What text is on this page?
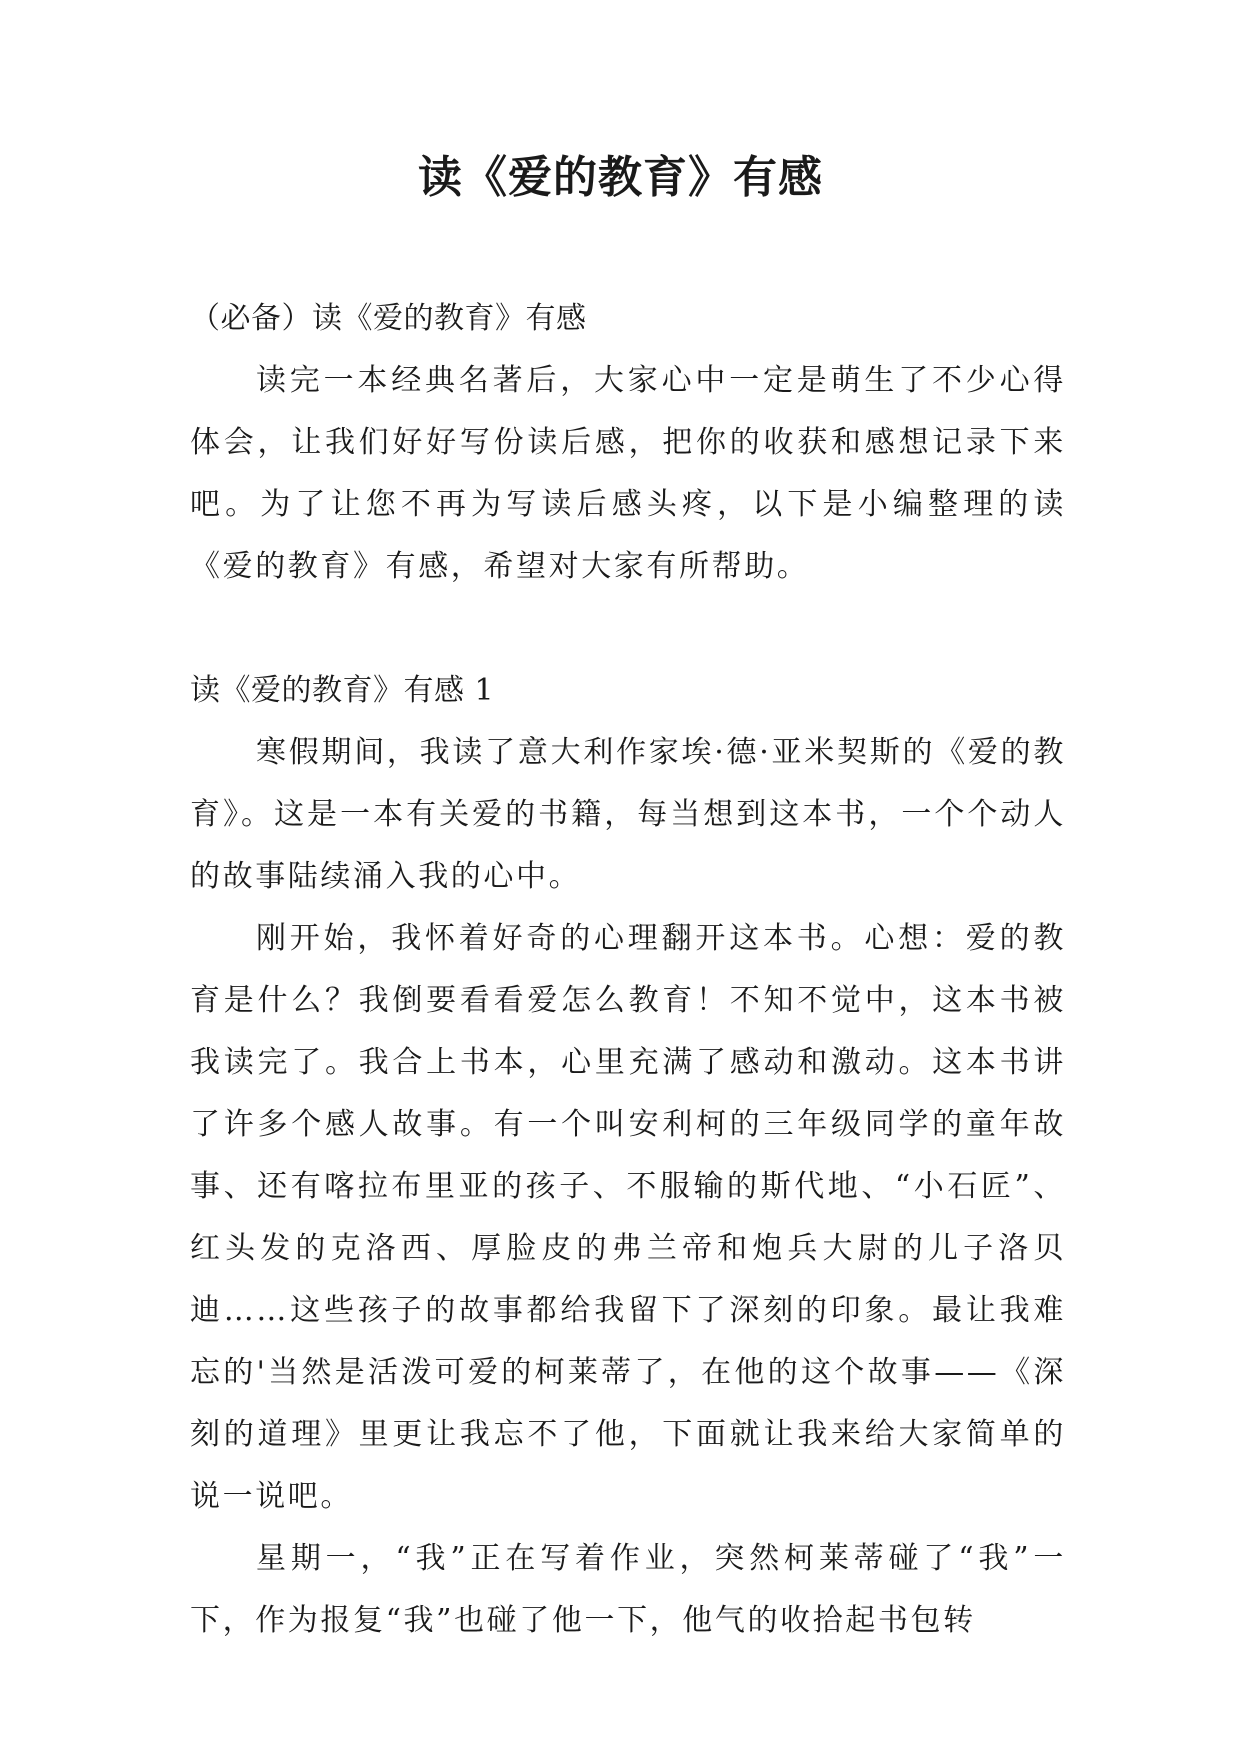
读《爱的教育》有感

（必备）读《爱的教育》有感

读完一本经典名著后，大家心中一定是萌生了不少心得体会，让我们好好写份读后感，把你的收获和感想记录下来吧。为了让您不再为写读后感头疼，以下是小编整理的读《爱的教育》有感，希望对大家有所帮助。

读《爱的教育》有感 1

寒假期间，我读了意大利作家埃·德·亚米契斯的《爱的教育》。这是一本有关爱的书籍，每当想到这本书，一个个动人的故事陆续涌入我的心中。

刚开始，我怀着好奇的心理翻开这本书。心想：爱的教育是什么？我倒要看看爱怎么教育！不知不觉中，这本书被我读完了。我合上书本，心里充满了感动和激动。这本书讲了许多个感人故事。有一个叫安利柯的三年级同学的童年故事、还有喀拉布里亚的孩子、不服输的斯代地、“小石匠”、红头发的克洛西、厚脸皮的弗兰帝和炮兵大尉的儿子洛贝迪……这些孩子的故事都给我留下了深刻的印象。最让我难忘的'当然是活泼可爱的柯莱蒂了，在他的这个故事——《深刻的道理》里更让我忘不了他，下面就让我来给大家简单的说一说吧。

星期一，“我”正在写着作业，突然柯莱蒂碰了“我”一下，作为报复“我”也碰了他一下，他气的收拾起书包转
